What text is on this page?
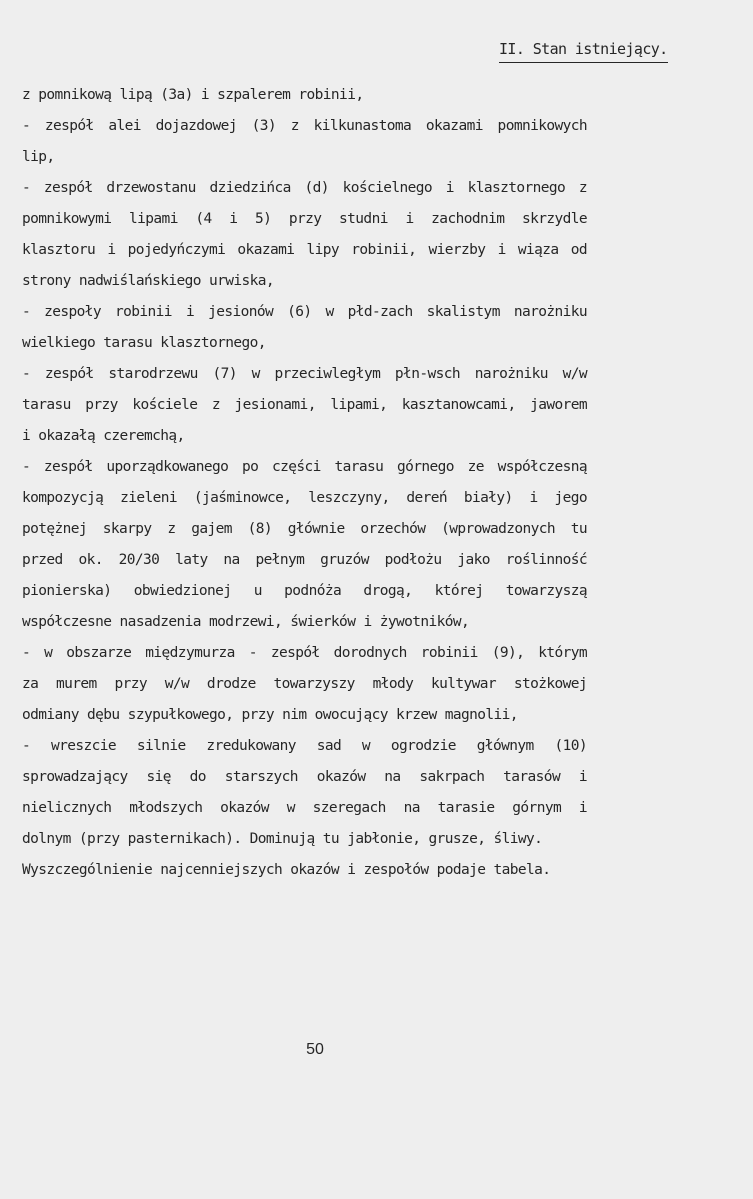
II. Stan istniejący.
z pomnikową lipą (3a) i szpalerem robinii,
- zespół alei dojazdowej (3) z kilkunastoma okazami pomnikowych
lip,
- zespół drzewostanu dziedzińca (d) kościelnego i klasztornego z
pomnikowymi lipami (4 i 5) przy studni i zachodnim skrzydle
klasztoru i pojedyńczymi okazami lipy robinii, wierzby i wiąza od
strony nadwiślańskiego urwiska,
- zespoły robinii i jesionów (6) w płd-zach skalistym narożniku
wielkiego tarasu klasztornego,
- zespół starodrzewu (7) w przeciwległym płn-wsch narożniku w/w
tarasu przy kościele z jesionami, lipami, kasztanowcami, jaworem
i okazałą czeremchą,
- zespół uporządkowanego po części tarasu górnego ze współczesną
kompozycją zieleni (jaśminowce, leszczyny, dereń biały) i jego
potężnej skarpy z gajem (8) głównie orzechów (wprowadzonych tu
przed ok. 20/30 laty na pełnym gruzów podłożu jako roślinność
pionierska) obwiedzionej u podnóża drogą, której towarzyszą
współczesne nasadzenia modrzewi, świerków i żywotników,
- w obszarze międzymurza - zespół dorodnych robinii (9), którym
za murem przy w/w drodze towarzyszy młody kultywar stożkowej
odmiany dębu szypułkowego, przy nim owocujący krzew magnolii,
- wreszcie silnie zredukowany sad w ogrodzie głównym (10)
sprowadzający się do starszych okazów na sakrpach tarasów i
nielicznych młodszych okazów w szeregach na tarasie górnym i
dolnym (przy pasternikach). Dominują tu jabłonie, grusze, śliwy.
Wyszczególnienie najcenniejszych okazów i zespołów podaje tabela.
50
